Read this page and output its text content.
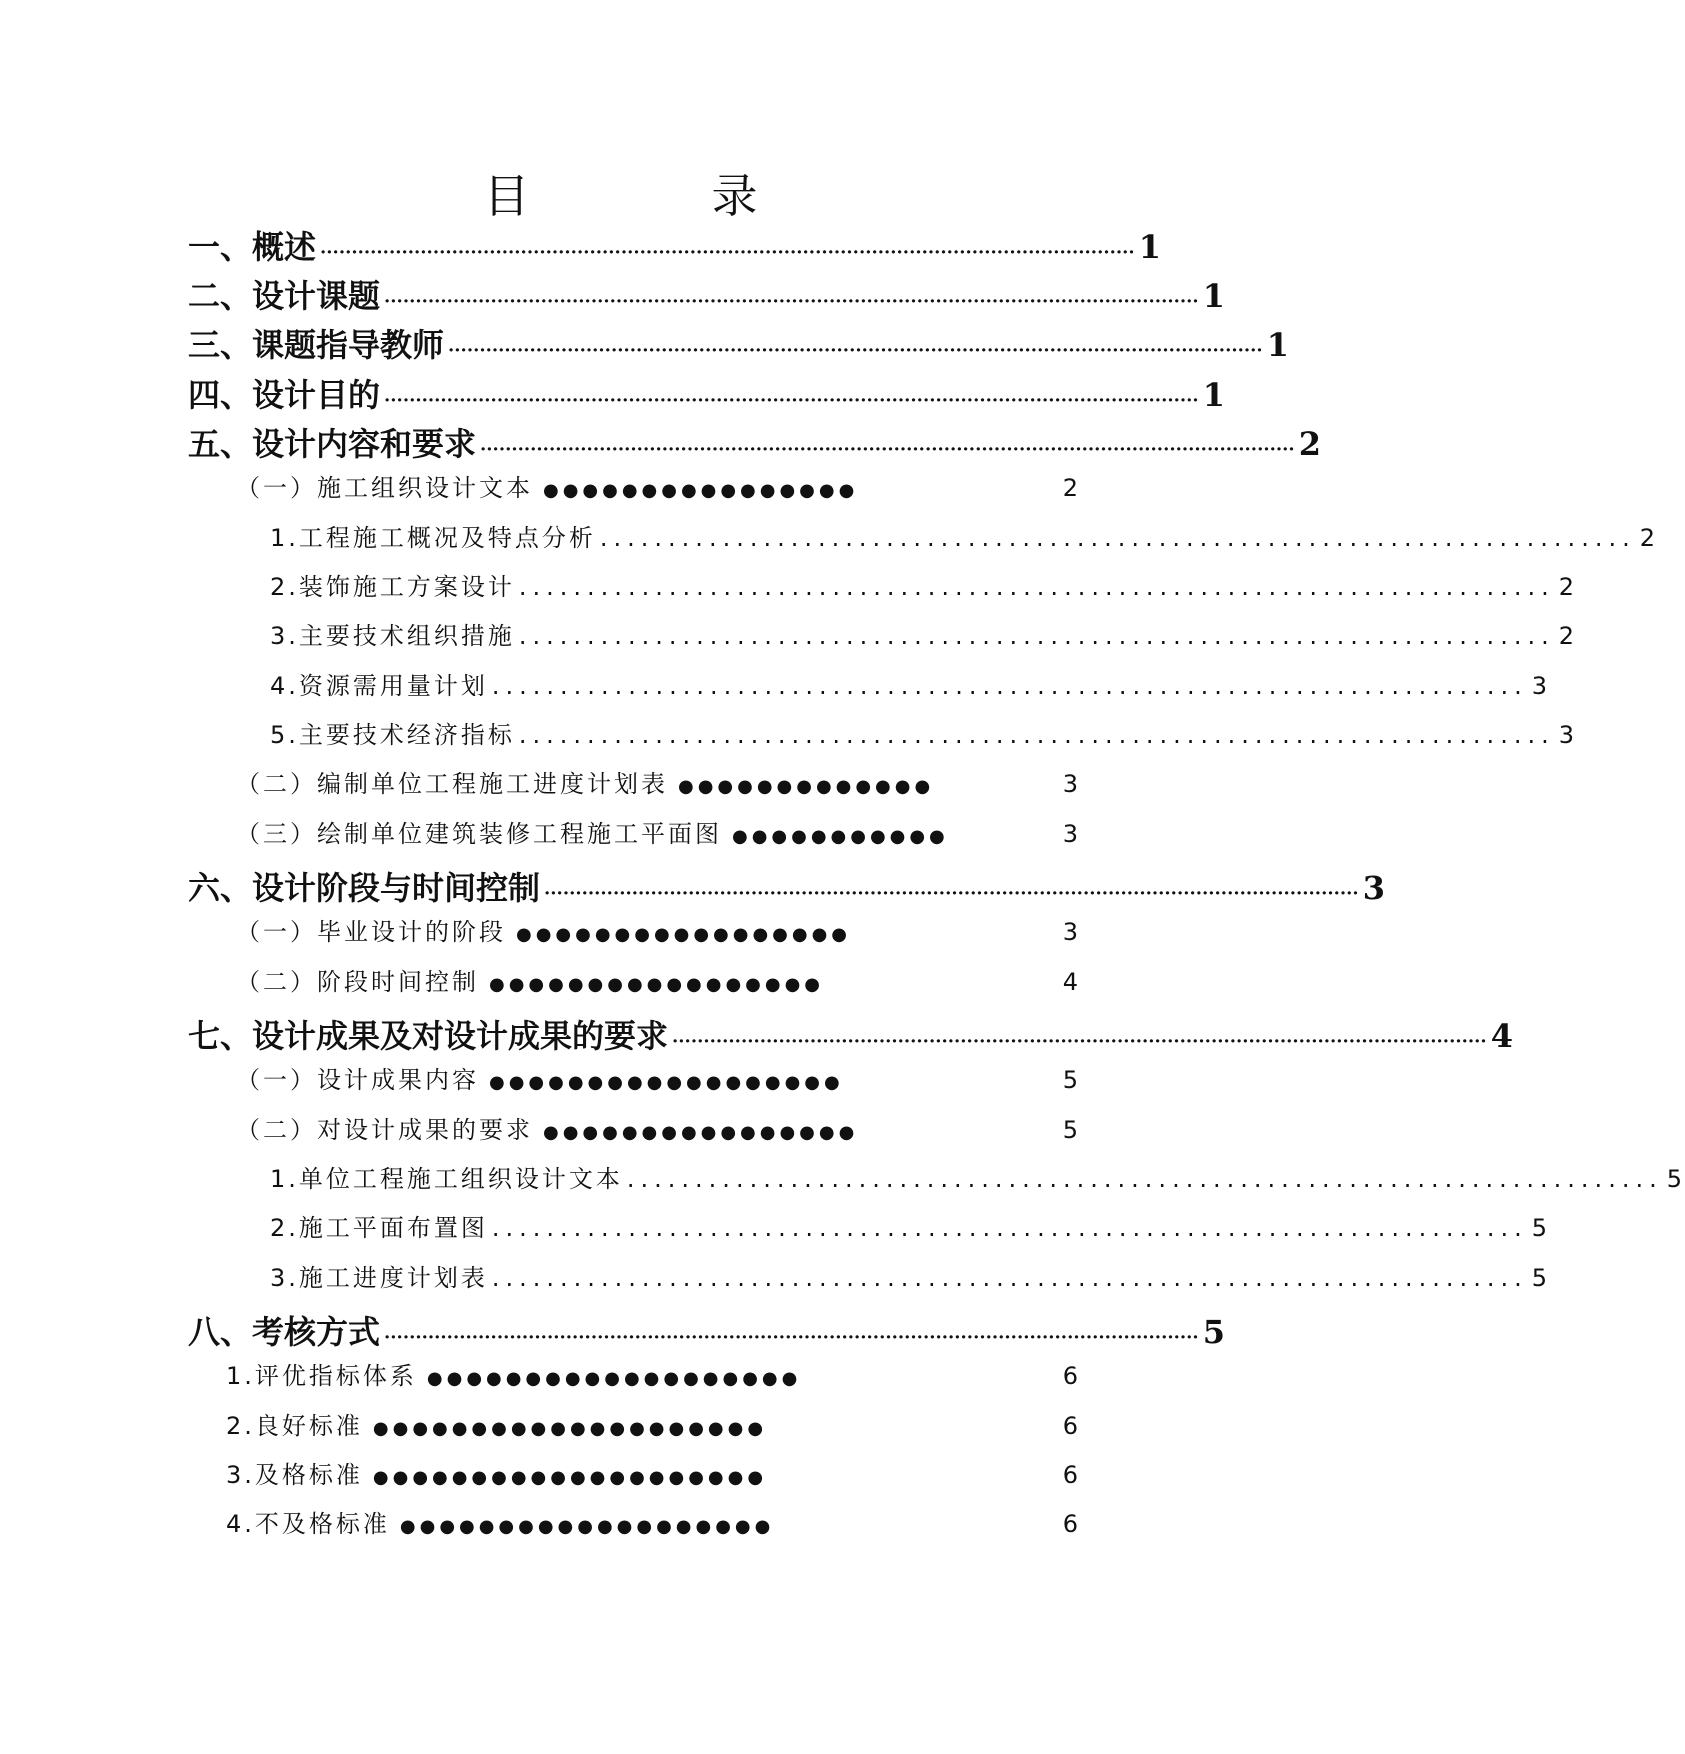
目　录
一、概述 ·································································································································· 1
二、设计课题 ·································································································································· 1
三、课题指导教师 ·································································································································· 1
四、设计目的 ·································································································································· 1
五、设计内容和要求 ·································································································································· 2
（一）施工组织设计文本 ●●●●●●●●●●●●●●●●	2
1.工程施工概况及特点分析 ............................................................................ 2
2.装饰施工方案设计 ............................................................................ 2
3.主要技术组织措施 ............................................................................ 2
4.资源需用量计划 ............................................................................ 3
5.主要技术经济指标 ............................................................................ 3
（二）编制单位工程施工进度计划表 ●●●●●●●●●●●●●	3
（三）绘制单位建筑装修工程施工平面图 ●●●●●●●●●●●	3
六、设计阶段与时间控制 ·································································································································· 3
（一）毕业设计的阶段 ●●●●●●●●●●●●●●●●●	3
（二）阶段时间控制 ●●●●●●●●●●●●●●●●●	4
七、设计成果及对设计成果的要求 ·································································································································· 4
（一）设计成果内容 ●●●●●●●●●●●●●●●●●●	5
（二）对设计成果的要求 ●●●●●●●●●●●●●●●●	5
1.单位工程施工组织设计文本 ............................................................................ 5
2.施工平面布置图 ............................................................................ 5
3.施工进度计划表 ............................................................................ 5
八、考核方式 ·································································································································· 5
1.评优指标体系 ●●●●●●●●●●●●●●●●●●●	6
2.良好标准 ●●●●●●●●●●●●●●●●●●●●	6
3.及格标准 ●●●●●●●●●●●●●●●●●●●●	6
4.不及格标准 ●●●●●●●●●●●●●●●●●●●	6
